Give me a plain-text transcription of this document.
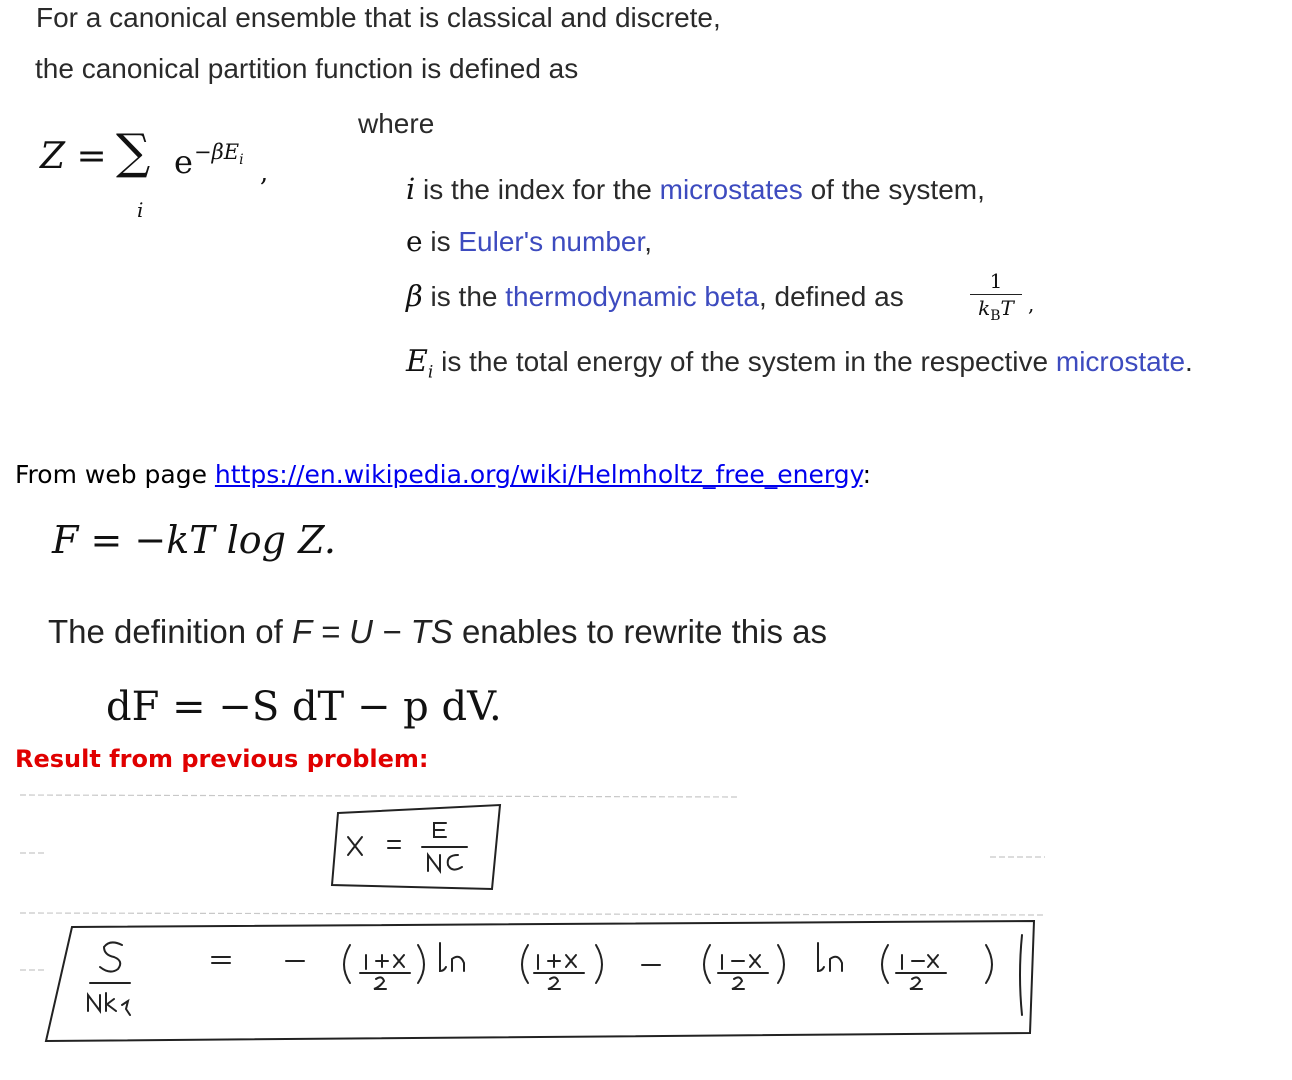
For a canonical ensemble that is classical and discrete,
the canonical partition function is defined as
Z = ∑
i
$e -\beta E_i$ ,
where
i is the index for the microstates of the system,
e is Euler's number,
β is the thermodynamic beta, defined as	1
$k_BT$ ,
$E_i$ is the total energy of the system in the respective microstate.
From web page https://en.wikipedia.org/wiki/Helmholtz_free_energy:
F = −kT log Z.
The definition of F = U − TS enables to rewrite this as
dF = −S dT − p dV.
Result from previous problem:
